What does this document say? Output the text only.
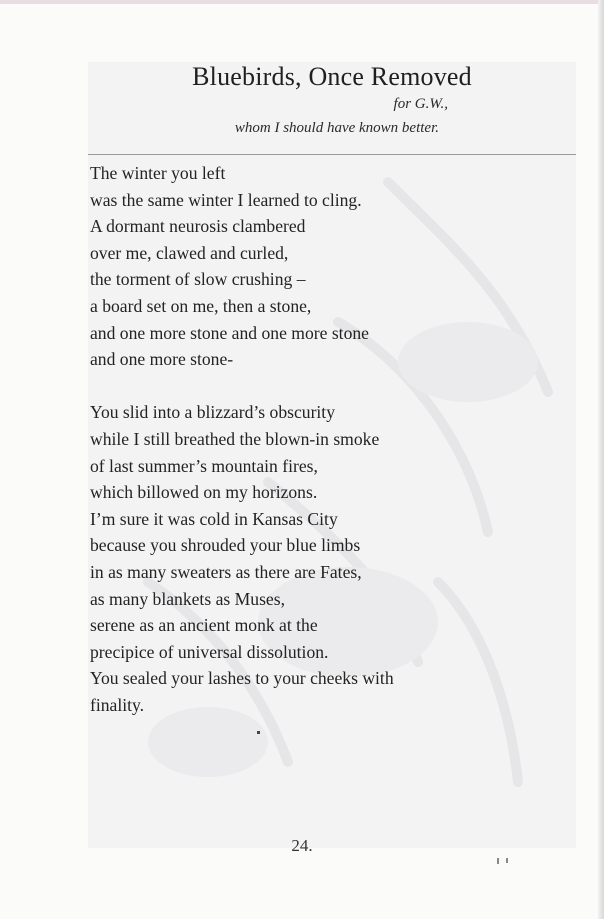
Bluebirds, Once Removed
for G.W.,
whom I should have known better.
The winter you left
was the same winter I learned to cling.
A dormant neurosis clambered
over me, clawed and curled,
the torment of slow crushing –
a board set on me, then a stone,
and one more stone and one more stone
and one more stone-
You slid into a blizzard’s obscurity
while I still breathed the blown-in smoke
of last summer’s mountain fires,
which billowed on my horizons.
I’m sure it was cold in Kansas City
because you shrouded your blue limbs
in as many sweaters as there are Fates,
as many blankets as Muses,
serene as an ancient monk at the
precipice of universal dissolution.
You sealed your lashes to your cheeks with
finality.
24.
